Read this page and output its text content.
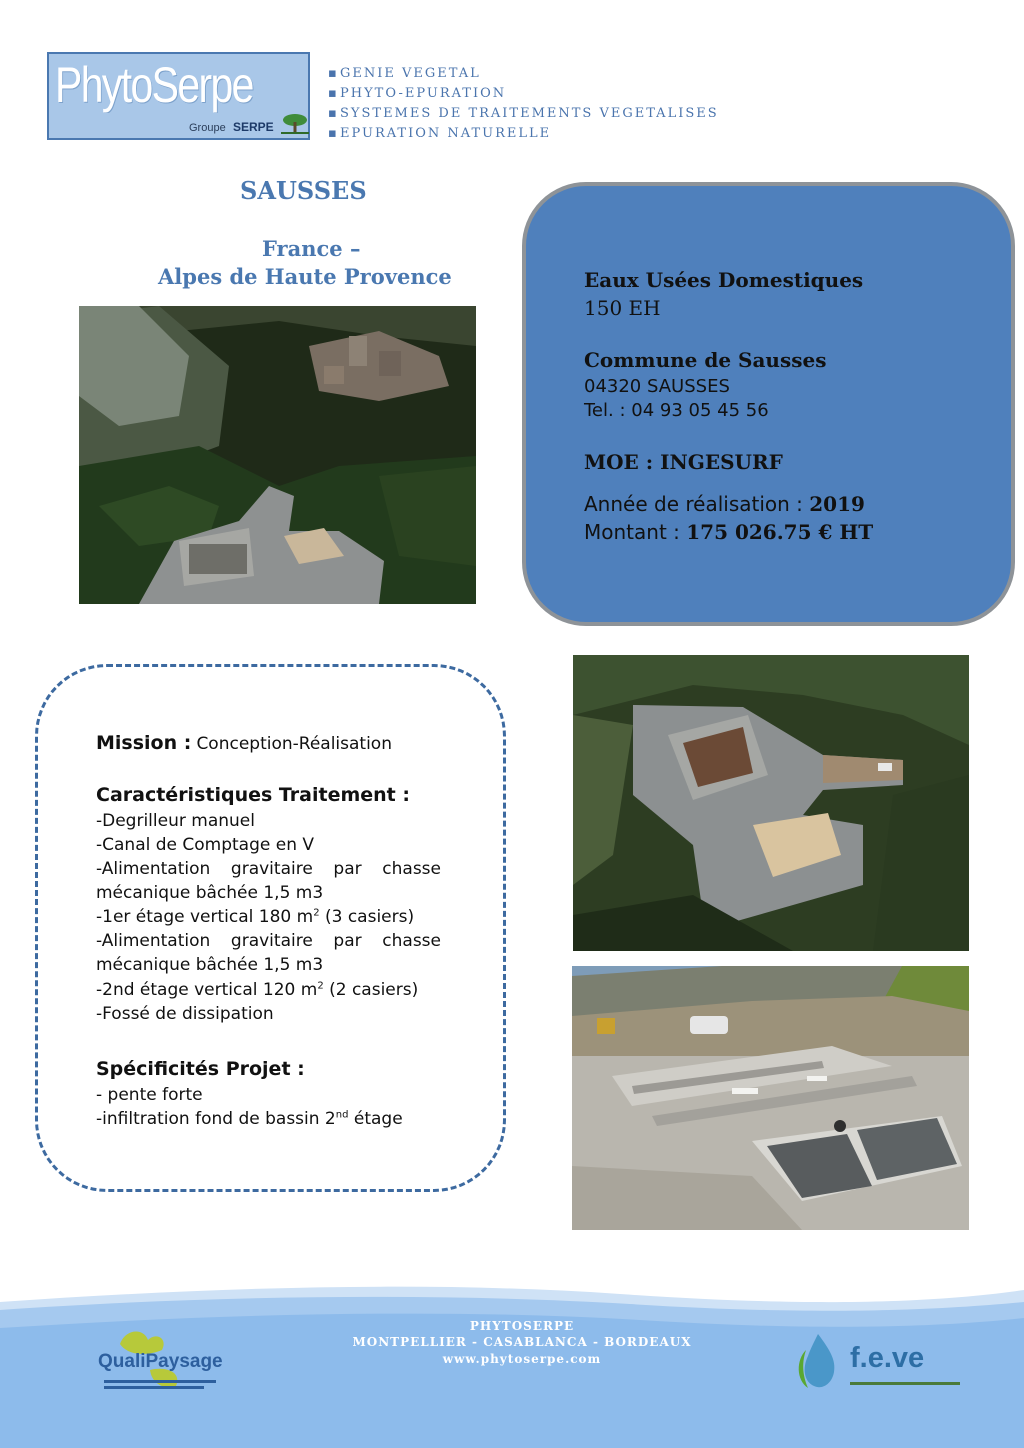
PhytoSerpe
Groupe SERPE
▪GENIE VEGETAL
▪PHYTO-EPURATION
▪SYSTEMES DE TRAITEMENTS VEGETALISES
▪EPURATION NATURELLE
SAUSSES
France –
Alpes de Haute Provence	Eaux Usées Domestiques
150 EH
Commune de Sausses
04320 SAUSSES
Tel. : 04 93 05 45 56
MOE : INGESURF
Année de réalisation : 2019
Montant : 175 026.75 € HT
Mission : Conception-Réalisation
Caractéristiques Traitement :
-Degrilleur manuel
-Canal de Comptage en V
-Alimentation gravitaire par chasse
mécanique bâchée 1,5 m3
-1er étage vertical 180 $m^2$ (3 casiers)
-Alimentation gravitaire par chasse
mécanique bâchée 1,5 m3
-2nd étage vertical 120 $m^2$ (2 casiers)
-Fossé de dissipation
Spécificités Projet :
- pente forte
-infiltration fond de bassin 2nd étage
PHYTOSERPE
MONTPELLIER - CASABLANCA - BORDEAUX
www.phytoserpe.com
QualiPaysage	f.e.ve
